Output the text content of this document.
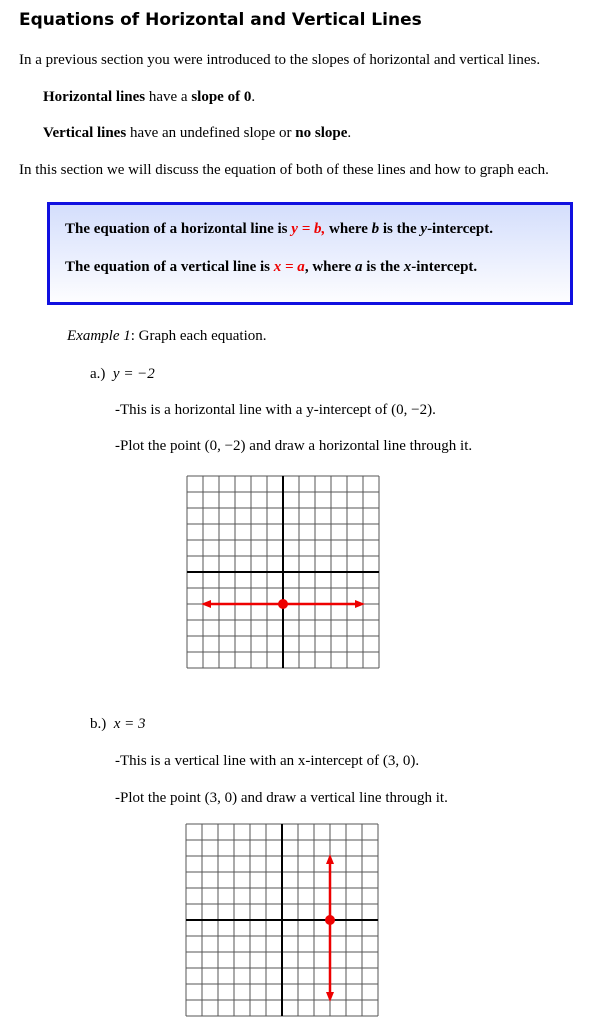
Equations of Horizontal and Vertical Lines
In a previous section you were introduced to the slopes of horizontal and vertical lines.
Horizontal lines have a slope of 0.
Vertical lines have an undefined slope or no slope.
In this section we will discuss the equation of both of these lines and how to graph each.
The equation of a horizontal line is y = b, where b is the y-intercept.
The equation of a vertical line is x = a, where a is the x-intercept.
Example 1: Graph each equation.
a.) y = −2
-This is a horizontal line with a y-intercept of (0, −2).
-Plot the point (0, −2) and draw a horizontal line through it.
b.) x = 3
-This is a vertical line with an x-intercept of (3, 0).
-Plot the point (3, 0) and draw a vertical line through it.
